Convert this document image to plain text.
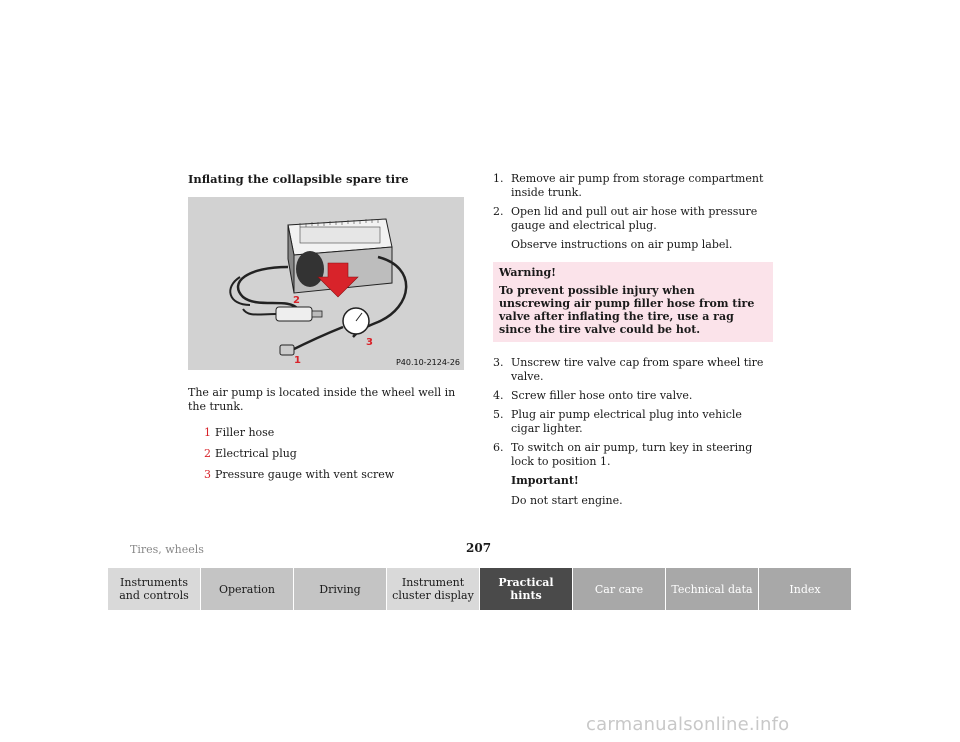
Inflating the collapsible spare tire
2
3
1	P40.10-2124-26

The air pump is located inside the wheel well in the trunk.

1 Filler hose
2 Electrical plug
3 Pressure gauge with vent screw
1. Remove air pump from storage compartment inside trunk.
2. Open lid and pull out air hose with pressure gauge and electrical plug.
Observe instructions on air pump label.
Warning!
To prevent possible injury when unscrewing air pump filler hose from tire valve after inflating the tire, use a rag since the tire valve could be hot.
3. Unscrew tire valve cap from spare wheel tire valve.
4. Screw filler hose onto tire valve.
5. Plug air pump electrical plug into vehicle cigar lighter.
6. To switch on air pump, turn key in steering lock to position 1.
Important!
Do not start engine.
Tires, wheels	207
Instruments and controls	Operation	Driving	Instrument cluster display
Practical hints	Car care	Technical data	Index
carmanualsonline.info
